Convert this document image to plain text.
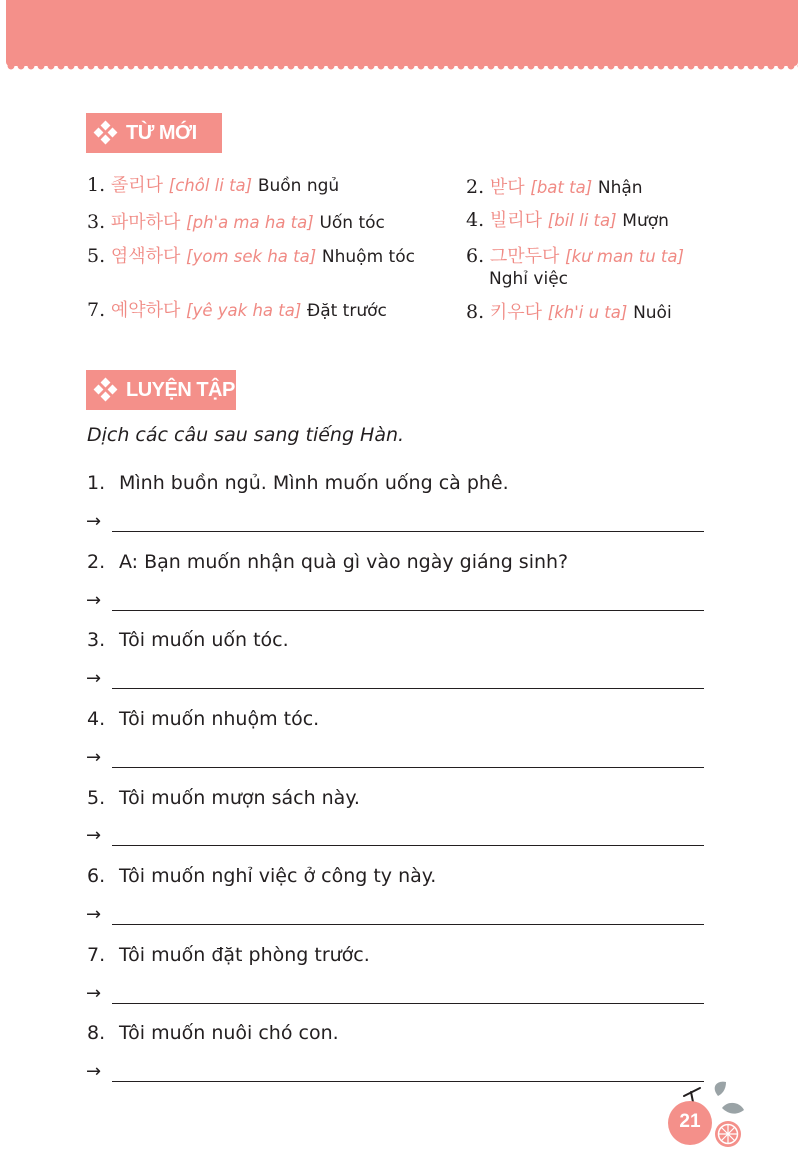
TỪ MỚI
1. 졸리다 [chôl li ta] Buồn ngủ	2. 받다 [bat ta] Nhận
3. 파마하다 [ph'a ma ha ta] Uốn tóc	4. 빌리다 [bil li ta] Mượn
5. 염색하다 [yom sek ha ta] Nhuộm tóc	6. 그만두다 [kư man tu ta]
Nghỉ việc
7. 예약하다 [yê yak ha ta] Đặt trước	8. 키우다 [kh'i u ta] Nuôi
LUYỆN TẬP
Dịch các câu sau sang tiếng Hàn.
1. Mình buồn ngủ. Mình muốn uống cà phê.
→
2. A: Bạn muốn nhận quà gì vào ngày giáng sinh?
→
3. Tôi muốn uốn tóc.
→
4. Tôi muốn nhuộm tóc.
→
5. Tôi muốn mượn sách này.
→
6. Tôi muốn nghỉ việc ở công ty này.
→
7. Tôi muốn đặt phòng trước.
→
8. Tôi muốn nuôi chó con.
→
21
